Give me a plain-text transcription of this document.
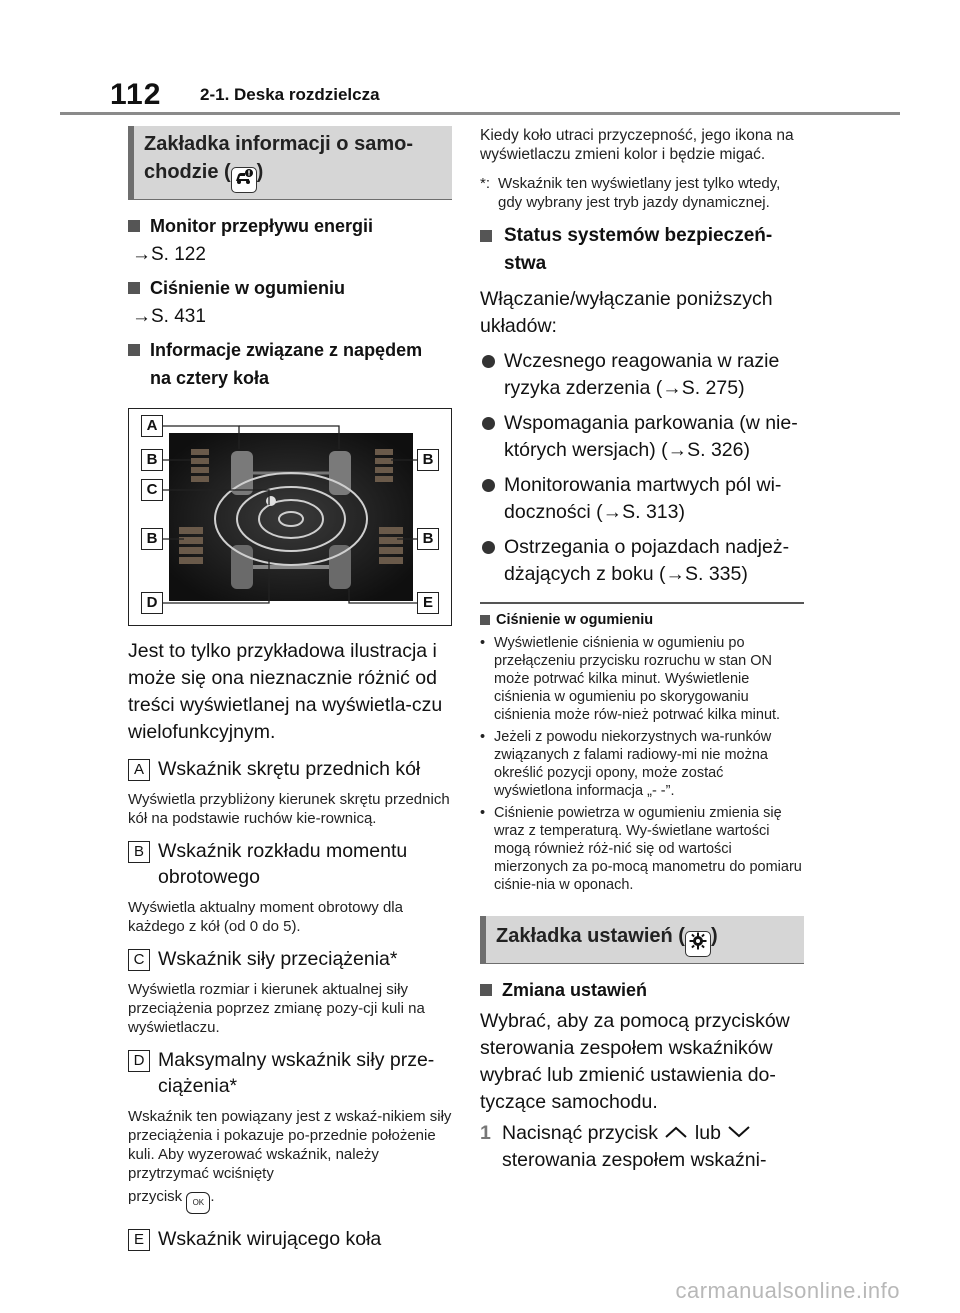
112 2-1. Deska rozdzielcza
Zakładka informacji o samo-
chodzie ( )
Monitor przepływu energii
→S. 122
Ciśnienie w ogumieniu
→S. 431
Informacje związane z napędem
na cztery koła
A
B
C
B
D
B
B
E
Jest to tylko przykładowa ilustracja i może się ona nieznacznie różnić od treści wyświetlanej na wyświetla-czu wielofunkcyjnym.
A Wskaźnik skrętu przednich kół
Wyświetla przybliżony kierunek skrętu przednich kół na podstawie ruchów kie-rownicą.
B Wskaźnik rozkładu momentu obrotowego
Wyświetla aktualny moment obrotowy dla każdego z kół (od 0 do 5).
C Wskaźnik siły przeciążenia*
Wyświetla rozmiar i kierunek aktualnej siły przeciążenia poprzez zmianę pozy-cji kuli na wyświetlaczu.
D Maksymalny wskaźnik siły prze-ciążenia*
Wskaźnik ten powiązany jest z wskaź-nikiem siły przeciążenia i pokazuje po-przednie położenie kuli. Aby wyzerować wskaźnik, należy przytrzymać wciśnięty
przycisk OK .
E Wskaźnik wirującego koła
Kiedy koło utraci przyczepność, jego ikona na wyświetlaczu zmieni kolor i będzie migać.
*: Wskaźnik ten wyświetlany jest tylko wtedy, gdy wybrany jest tryb jazdy dynamicznej.
Status systemów bezpieczeń-
stwa
Włączanie/wyłączanie poniższych układów:
Wczesnego reagowania w razie ryzyka zderzenia (→S. 275)
Wspomagania parkowania (w nie-których wersjach) (→S. 326)
Monitorowania martwych pól wi-doczności (→S. 313)
Ostrzegania o pojazdach nadjeż-dżających z boku (→S. 335)
Ciśnienie w ogumieniu
• Wyświetlenie ciśnienia w ogumieniu po przełączeniu przycisku rozruchu w stan ON może potrwać kilka minut. Wyświetlenie ciśnienia w ogumieniu po skorygowaniu ciśnienia może rów-nież potrwać kilka minut.
• Jeżeli z powodu niekorzystnych wa-runków związanych z falami radiowy-mi nie można określić pozycji opony, może zostać wyświetlona informacja „- -”.
• Ciśnienie powietrza w ogumieniu zmienia się wraz z temperaturą. Wy-świetlane wartości mogą również róż-nić się od wartości mierzonych za po-mocą manometru do pomiaru ciśnie-nia w oponach.
Zakładka ustawień ( )
Zmiana ustawień
Wybrać, aby za pomocą przycisków sterowania zespołem wskaźników wybrać lub zmienić ustawienia do-tyczące samochodu.
1 Nacisnąć przycisk lub  sterowania zespołem wskaźni-
carmanualsonline.info
